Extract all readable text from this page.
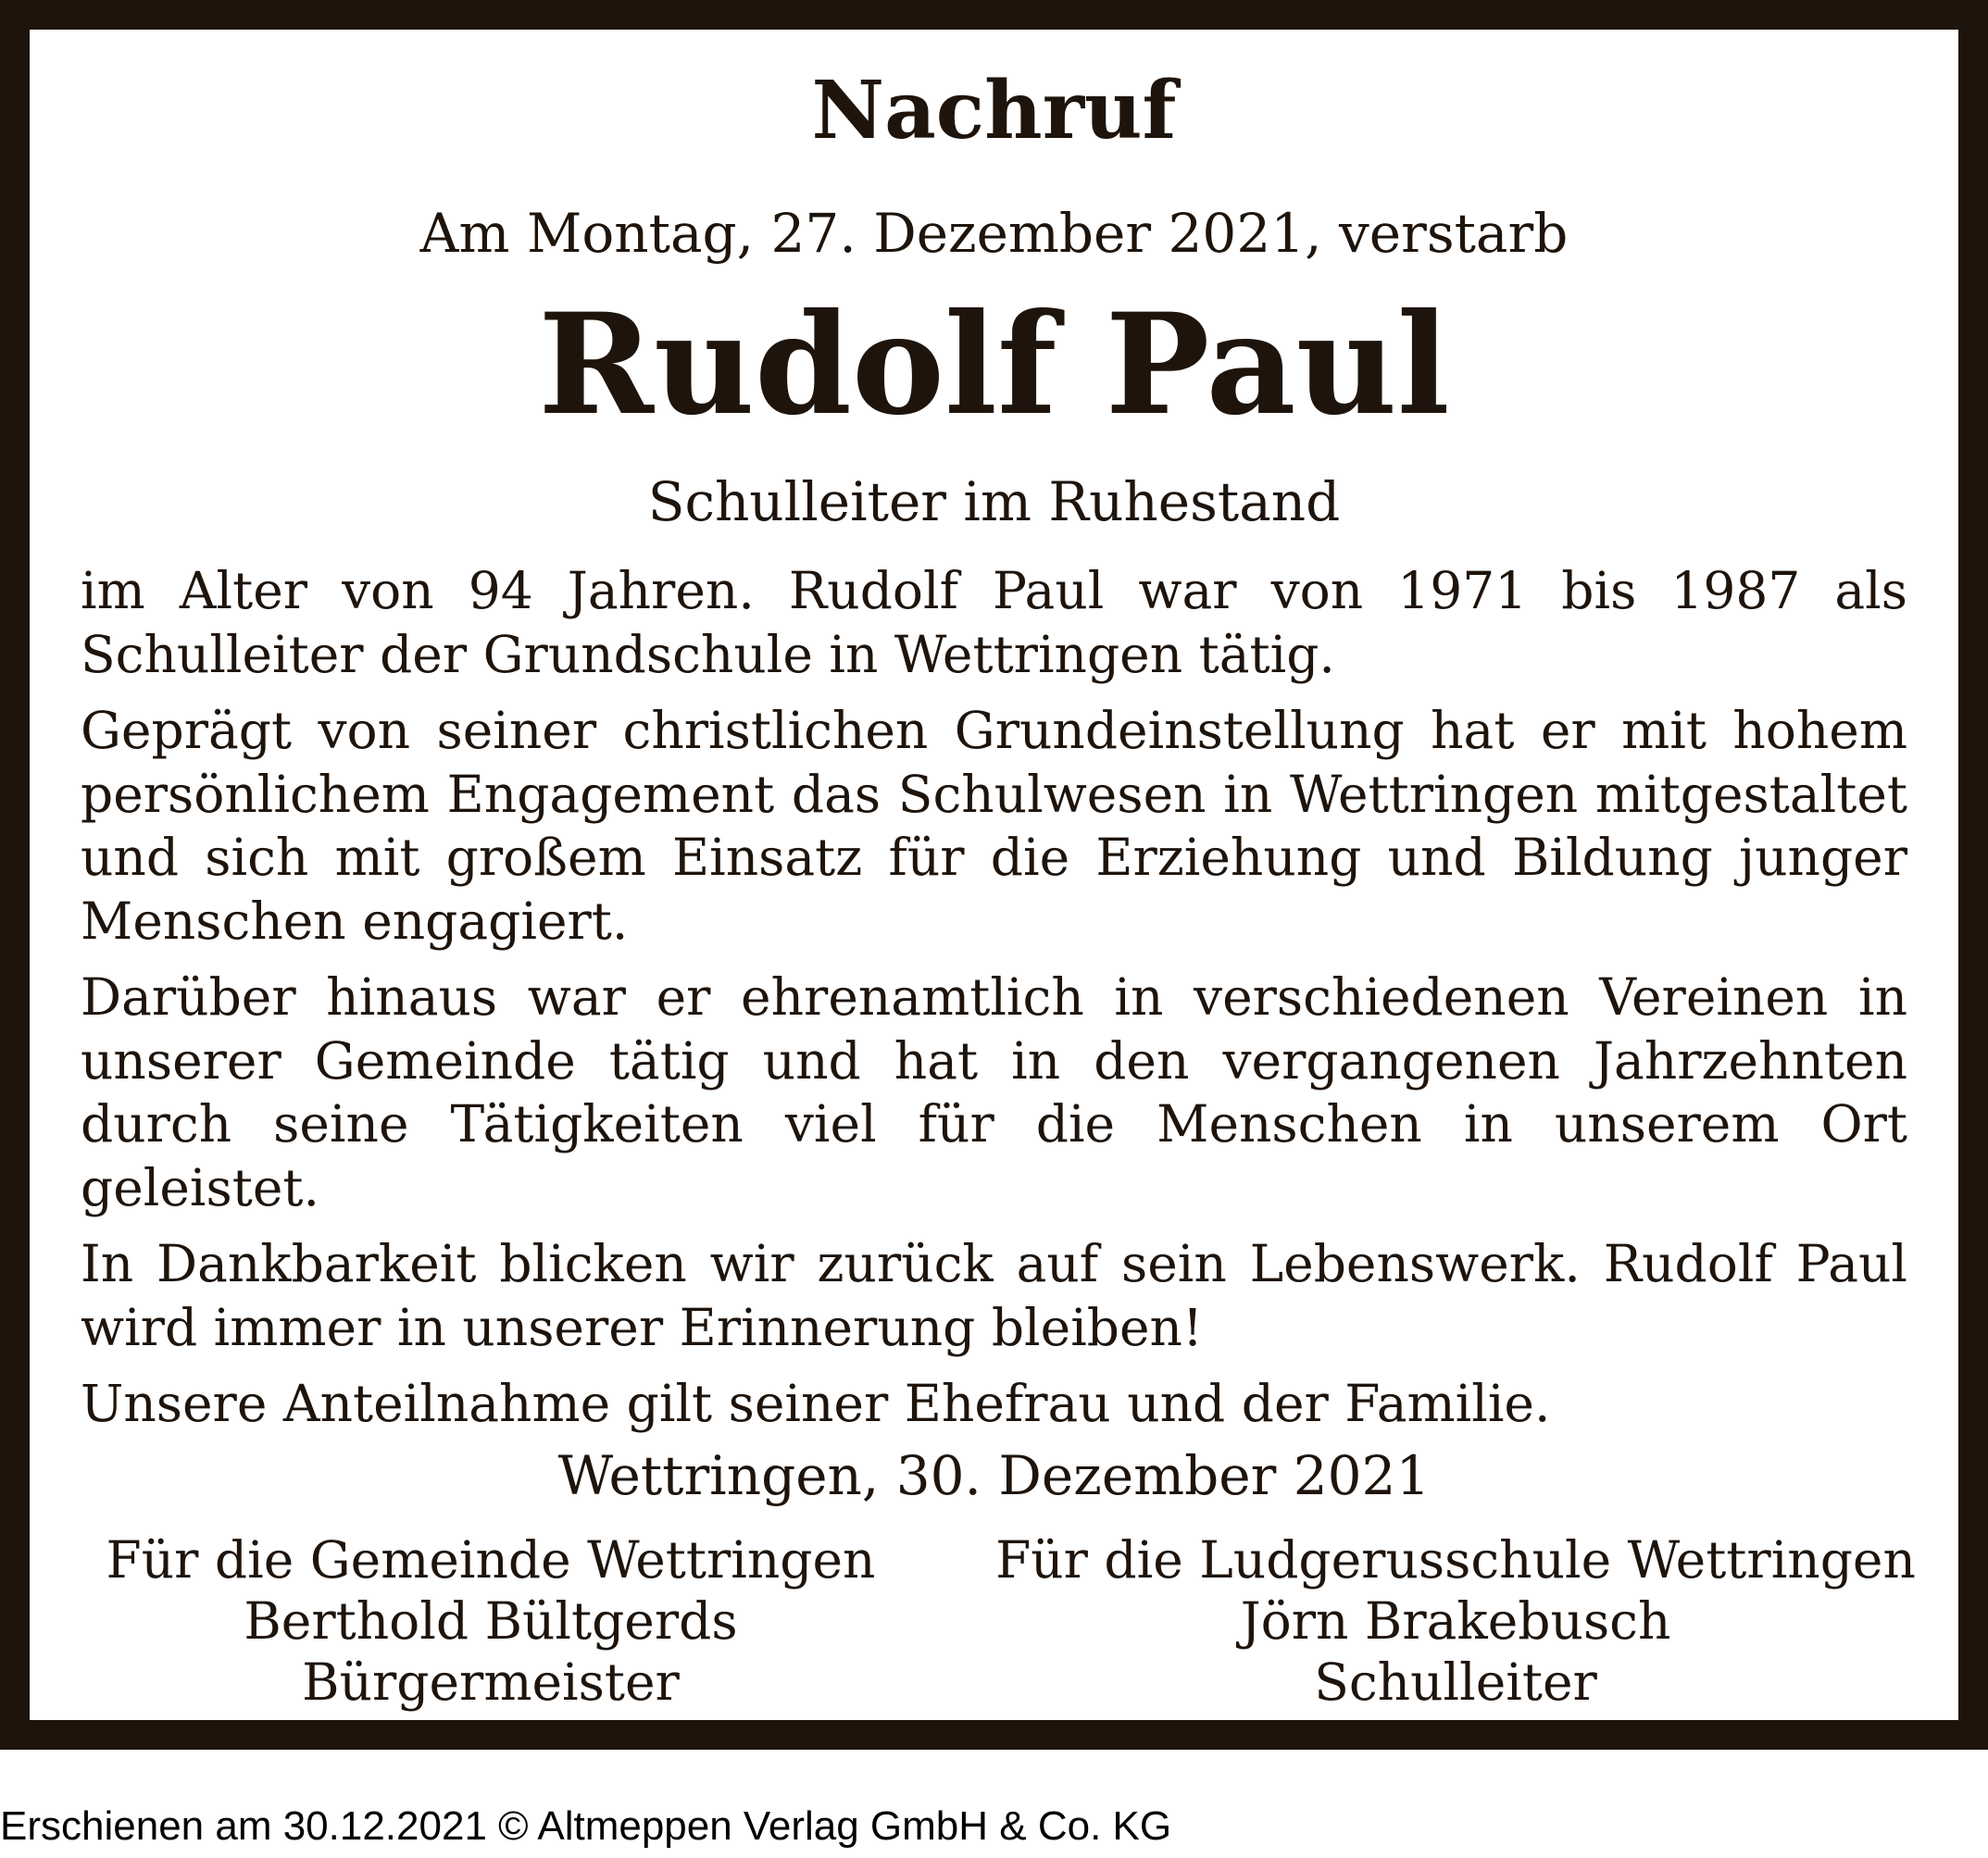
Nachruf
Am Montag, 27. Dezember 2021, verstarb
Rudolf Paul
Schulleiter im Ruhestand

im Alter von 94 Jahren. Rudolf Paul war von 1971 bis 1987 als Schulleiter der Grundschule in Wettringen tätig.

Geprägt von seiner christlichen Grundeinstellung hat er mit hohem persönlichem Engagement das Schulwesen in Wettringen mitgestaltet und sich mit großem Einsatz für die Erziehung und Bildung junger Menschen engagiert.

Darüber hinaus war er ehrenamtlich in verschiedenen Vereinen in unserer Gemeinde tätig und hat in den vergangenen Jahrzehnten durch seine Tätigkeiten viel für die Menschen in unserem Ort geleistet.

In Dankbarkeit blicken wir zurück auf sein Lebenswerk. Rudolf Paul wird immer in unserer Erinnerung bleiben!

Unsere Anteilnahme gilt seiner Ehefrau und der Familie.

Wettringen, 30. Dezember 2021
Für die Gemeinde Wettringen
Berthold Bültgerds
Bürgermeister
Für die Ludgerusschule Wettringen
Jörn Brakebusch
Schulleiter
Erschienen am 30.12.2021 © Altmeppen Verlag GmbH & Co. KG
